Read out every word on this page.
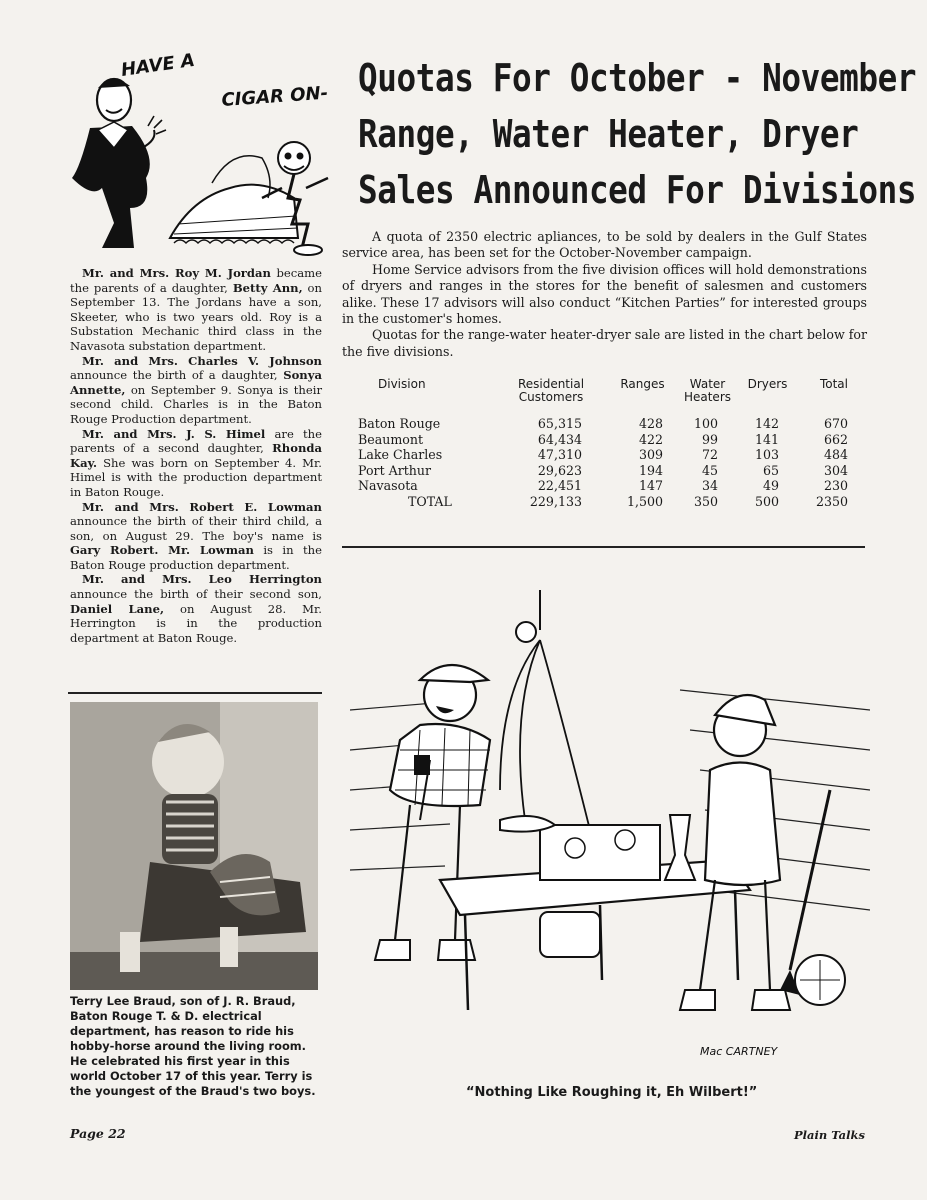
HAVE A
CIGAR ON-

Mr. and Mrs. Roy M. Jordan became the parents of a daughter, Betty Ann, on September 13. The Jordans have a son, Skeeter, who is two years old. Roy is a Substation Mechanic third class in the Navasota substation department.

Mr. and Mrs. Charles V. Johnson announce the birth of a daughter, Sonya Annette, on September 9. Sonya is their second child. Charles is in the Baton Rouge Production department.

Mr. and Mrs. J. S. Himel are the parents of a second daughter, Rhonda Kay. She was born on September 4. Mr. Himel is with the production department in Baton Rouge.

Mr. and Mrs. Robert E. Lowman announce the birth of their third child, a son, on August 29. The boy's name is Gary Robert. Mr. Lowman is in the Baton Rouge production department.

Mr. and Mrs. Leo Herrington announce the birth of their second son, Daniel Lane, on August 28. Mr. Herrington is in the production department at Baton Rouge.

Terry Lee Braud, son of J. R. Braud, Baton Rouge T. & D. electrical department, has reason to ride his hobby-horse around the living room. He celebrated his first year in this world October 17 of this year. Terry is the youngest of the Braud's two boys.
Page 22
Quotas For October - November
Range, Water Heater, Dryer
Sales Announced For Divisions

A quota of 2350 electric apliances, to be sold by dealers in the Gulf States service area, has been set for the October-November campaign.

Home Service advisors from the five division offices will hold demonstrations of dryers and ranges in the stores for the benefit of salesmen and customers alike. These 17 advisors will also conduct “Kitchen Parties” for interested groups in the customer's homes.

Quotas for the range-water heater-dryer sale are listed in the chart below for the five divisions.

Division	Residential Customers	Ranges	Water Heaters	Dryers	Total
Baton Rouge	65,315	428	100	142	670
Beaumont	64,434	422	99	141	662
Lake Charles	47,310	309	72	103	484
Port Arthur	29,623	194	45	65	304
Navasota	22,451	147	34	49	230
TOTAL	229,133	1,500	350	500	2350
Mac CARTNEY
“Nothing Like Roughing it, Eh Wilbert!”
Plain Talks
